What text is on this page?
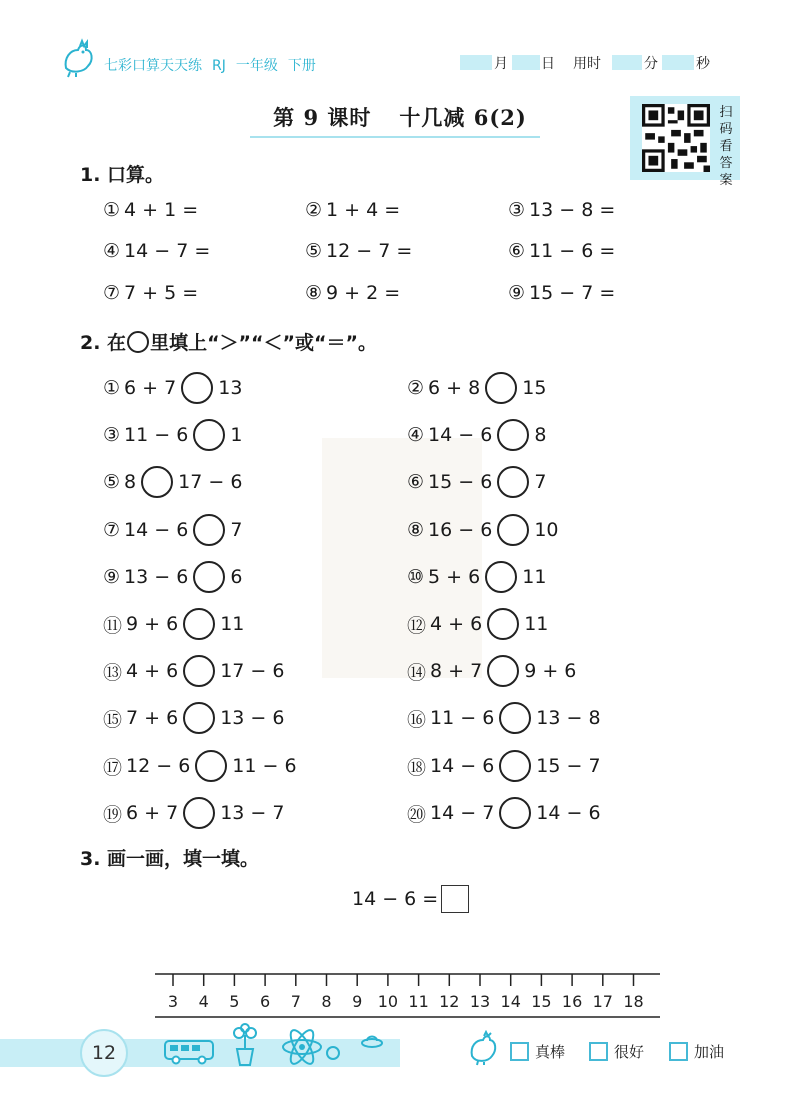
七彩口算天天练 RJ 一年级 下册	月 日 用时	分	秒
第 9 课时 十几减 6(2)	扫
码
看
答
案
1. 口算。
① 4 + 1 =	② 1 + 4 =	③ 13 − 8 =
④ 14 − 7 =	⑤ 12 − 7 =	⑥ 11 − 6 =
⑦ 7 + 5 =	⑧ 9 + 2 =	⑨ 15 − 7 =
2. 在 里填上“＞”“＜”或“＝”。
① 6 + 7 13	② 6 + 8 15
③ 11 − 6 1	④ 14 − 6 8
⑤ 8 17 − 6	⑥ 15 − 6 7
⑦ 14 − 6 7	⑧ 16 − 6 10
⑨ 13 − 6 6	⑩ 5 + 6 11
⑪ 9 + 6 11	⑫ 4 + 6 11
⑬ 4 + 6 17 − 6	⑭ 8 + 7 9 + 6
⑮ 7 + 6 13 − 6	⑯ 11 − 6 13 − 8
⑰ 12 − 6 11 − 6	⑱ 14 − 6 15 − 7
⑲ 6 + 7 13 − 7	⑳ 14 − 7 14 − 6
3. 画一画，填一填。
14 − 6 =
3 4 5 6 7 8 9 10 11 12 13 14 15 16 17 18
12	真棒	很好	加油
